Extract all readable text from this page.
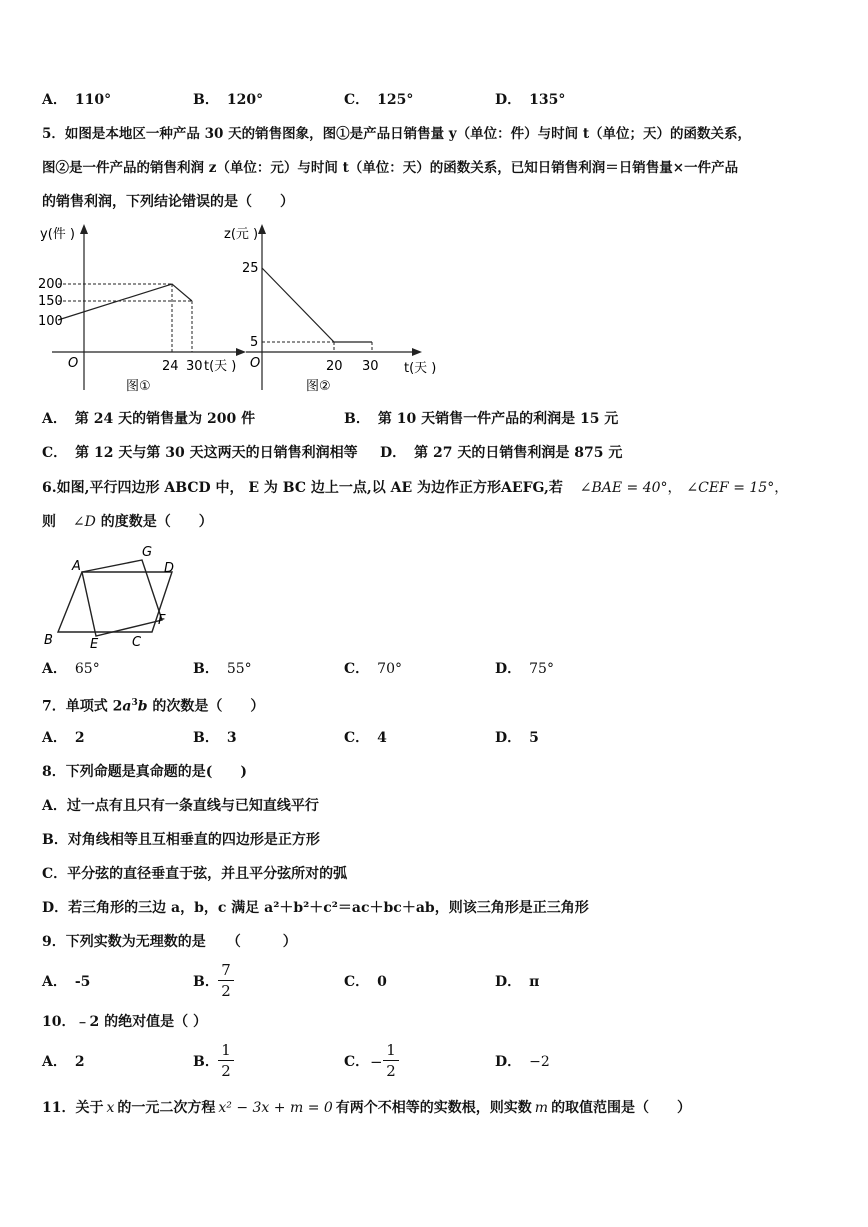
A． 110°	B． 120°	C． 125°	D． 135°
5．如图是本地区一种产品 30 天的销售图象，图①是产品日销售量 y（单位：件）与时间 t（单位；天）的函数关系，
图②是一件产品的销售利润 z（单位：元）与时间 t（单位：天）的函数关系，已知日销售利润＝日销售量×一件产品
的销售利润，下列结论错误的是（　　）
y(件 )
200
150
100
O	24 30 t(天 )
图①
z(元 )
25
5
O	20 30 t(天 )
图②
A． 第 24 天的销售量为 200 件	B． 第 10 天销售一件产品的利润是 15 元
C． 第 12 天与第 30 天这两天的日销售利润相等 D． 第 27 天的日销售利润是 875 元
6.如图,平行四边形 ABCD 中， E 为 BC 边上一点,以 AE 为边作正方形AEFG,若 ∠BAE = 40°， ∠CEF = 15°，
则 ∠D 的度数是（　　）
A
G
D
F
B	E	C
A． 65°	B． 55°	C． 70°	D． 75°
7．单项式 $2a^3b$ 的次数是（　　）
A． 2	B． 3	C． 4	D． 5
8．下列命题是真命题的是(　　)
A．过一点有且只有一条直线与已知直线平行
B．对角线相等且互相垂直的四边形是正方形
C．平分弦的直径垂直于弦，并且平分弦所对的弧
D．若三角形的三边 a，b，c 满足 a²＋b²＋c²＝ac＋bc＋ab，则该三角形是正三角形
9．下列实数为无理数的是　　（　　　）
A． -5	B．
7
2	C． 0	D． π
10．﹣2 的绝对值是（ ）
A． 2	B．
1
2	C． −
1
2	D． −2
11．关于 x 的一元二次方程 x² − 3x + m = 0 有两个不相等的实数根，则实数 m 的取值范围是（　　）
